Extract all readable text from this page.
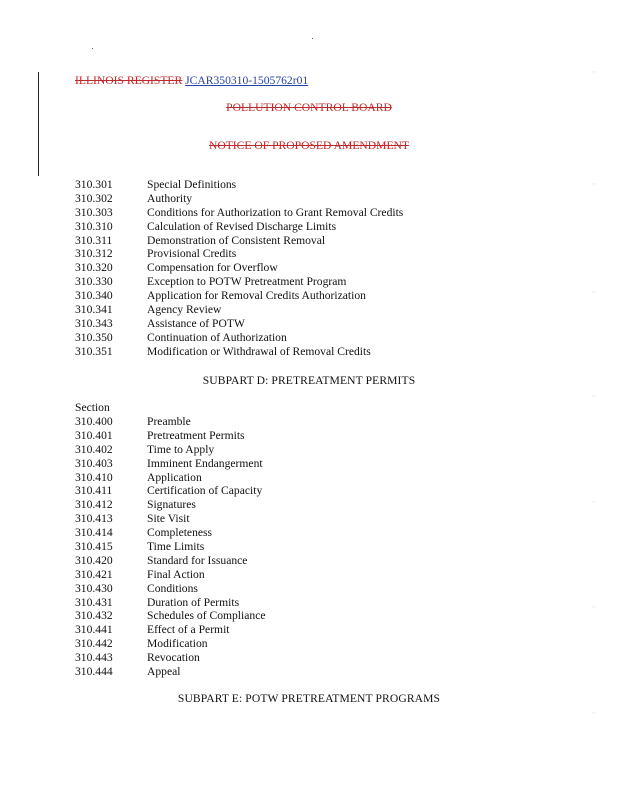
ILLINOIS REGISTER JCAR350310-1505762r01
POLLUTION CONTROL BOARD
NOTICE OF PROPOSED AMENDMENT
310.301	Special Definitions
310.302	Authority
310.303	Conditions for Authorization to Grant Removal Credits
310.310	Calculation of Revised Discharge Limits
310.311	Demonstration of Consistent Removal
310.312	Provisional Credits
310.320	Compensation for Overflow
310.330	Exception to POTW Pretreatment Program
310.340	Application for Removal Credits Authorization
310.341	Agency Review
310.343	Assistance of POTW
310.350	Continuation of Authorization
310.351	Modification or Withdrawal of Removal Credits
SUBPART D: PRETREATMENT PERMITS
Section
310.400	Preamble
310.401	Pretreatment Permits
310.402	Time to Apply
310.403	Imminent Endangerment
310.410	Application
310.411	Certification of Capacity
310.412	Signatures
310.413	Site Visit
310.414	Completeness
310.415	Time Limits
310.420	Standard for Issuance
310.421	Final Action
310.430	Conditions
310.431	Duration of Permits
310.432	Schedules of Compliance
310.441	Effect of a Permit
310.442	Modification
310.443	Revocation
310.444	Appeal
SUBPART E: POTW PRETREATMENT PROGRAMS
⋅⋅
⋅⋅
⋅⋅
⋅⋅
⋅⋅
⋅⋅
⋅⋅
